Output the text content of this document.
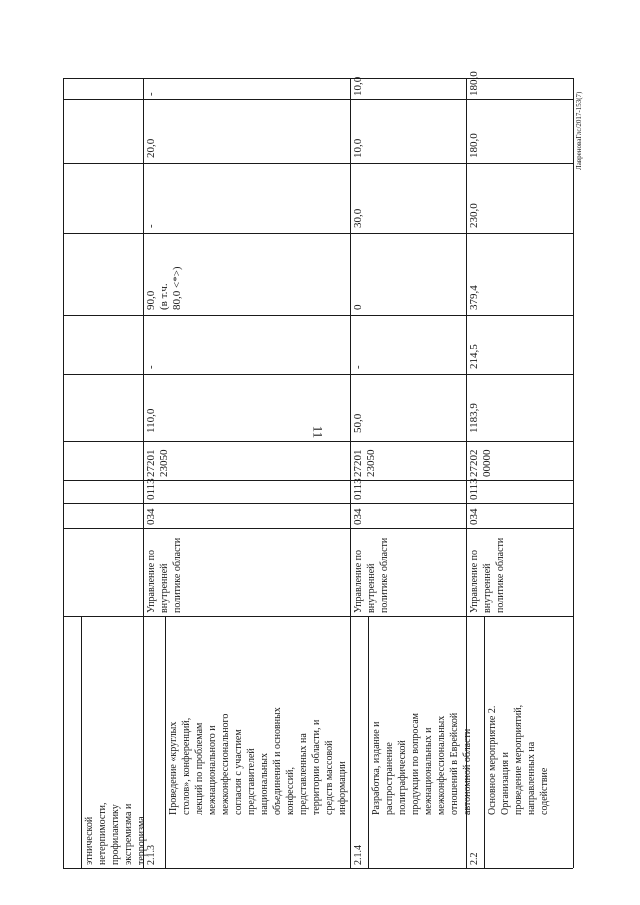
11
ЛавреноваГлс/2017-153(7)
этнической
нетерпимости,
профилактику
экстремизма и
терроризма 2.1.3
Проведение «круглых
столов», конференций,
лекций по проблемам
межнационального и
межконфессионального
согласия с участием
представителей
национальных
объединений и основных
конфессий,
представленных на
территории области, и
средств массовой
информации
Управление по
внутренней
политике области
034
0113
27201
23050
110,0
-
90,0
(в т.ч.
80,0 <*>)
-
20,0
-
2.1.4
Разработка, издание и
распространение
полиграфической
продукции по вопросам
межнациональных и
межконфессиональных
отношений в Еврейской
автономной области
Управление по
внутренней
политике области
034
0113
27201
23050
50,0
-
0
30,0
10,0
10,0
2.2
Основное мероприятие 2.
Организация и
проведение мероприятий,
направленных на
содействие
Управление по
внутренней
политике области
034
0113
27202
00000
1183,9
214,5
379,4
230,0
180,0
180,0
